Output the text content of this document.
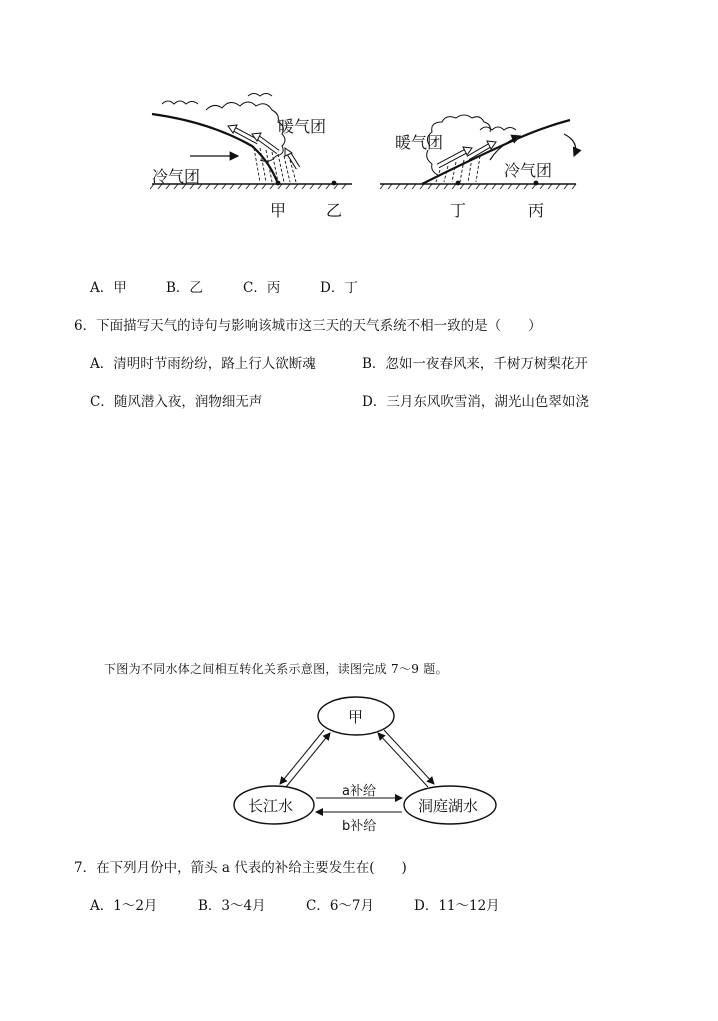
暖气团
冷气团
甲 乙
暖气团
冷气团
丁	丙
A．甲	B．乙	C．丙	D．丁
6．下面描写天气的诗句与影响该城市这三天的天气系统不相一致的是（　　）
A．清明时节雨纷纷，路上行人欲断魂	B．忽如一夜春风来，千树万树梨花开
C．随风潜入夜，润物细无声	D．三月东风吹雪消，湖光山色翠如浇
下图为不同水体之间相互转化关系示意图，读图完成 7～9 题。
甲
长江水	洞庭湖水
a补给
b补给
7．在下列月份中，箭头 a 代表的补给主要发生在(　　)
A．1～2月	B．3～4月	C．6～7月	D．11～12月
